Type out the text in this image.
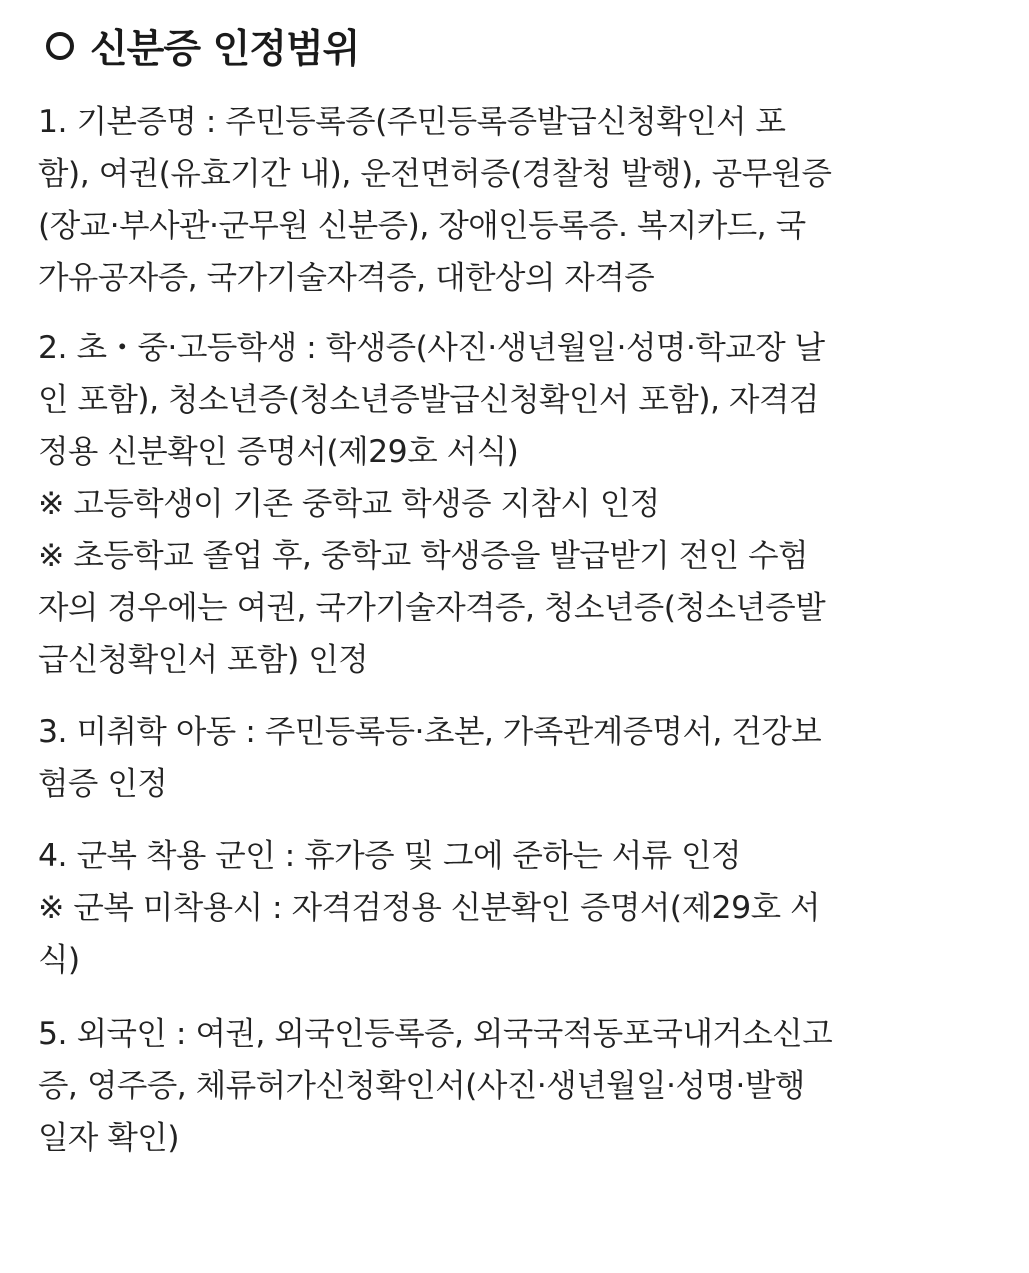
신분증 인정범위
1. 기본증명 : 주민등록증(주민등록증발급신청확인서 포
함), 여권(유효기간 내), 운전면허증(경찰청 발행), 공무원증
(장교·부사관·군무원 신분증), 장애인등록증. 복지카드, 국
가유공자증, 국가기술자격증, 대한상의 자격증
2. 초・중·고등학생 : 학생증(사진·생년월일·성명·학교장 날
인 포함), 청소년증(청소년증발급신청확인서 포함), 자격검
정용 신분확인 증명서(제29호 서식)
※ 고등학생이 기존 중학교 학생증 지참시 인정
※ 초등학교 졸업 후, 중학교 학생증을 발급받기 전인 수험
자의 경우에는 여권, 국가기술자격증, 청소년증(청소년증발
급신청확인서 포함) 인정
3. 미취학 아동 : 주민등록등·초본, 가족관계증명서, 건강보
험증 인정
4. 군복 착용 군인 : 휴가증 및 그에 준하는 서류 인정
※ 군복 미착용시 : 자격검정용 신분확인 증명서(제29호 서
식)
5. 외국인 : 여권, 외국인등록증, 외국국적동포국내거소신고
증, 영주증, 체류허가신청확인서(사진·생년월일·성명·발행
일자 확인)
